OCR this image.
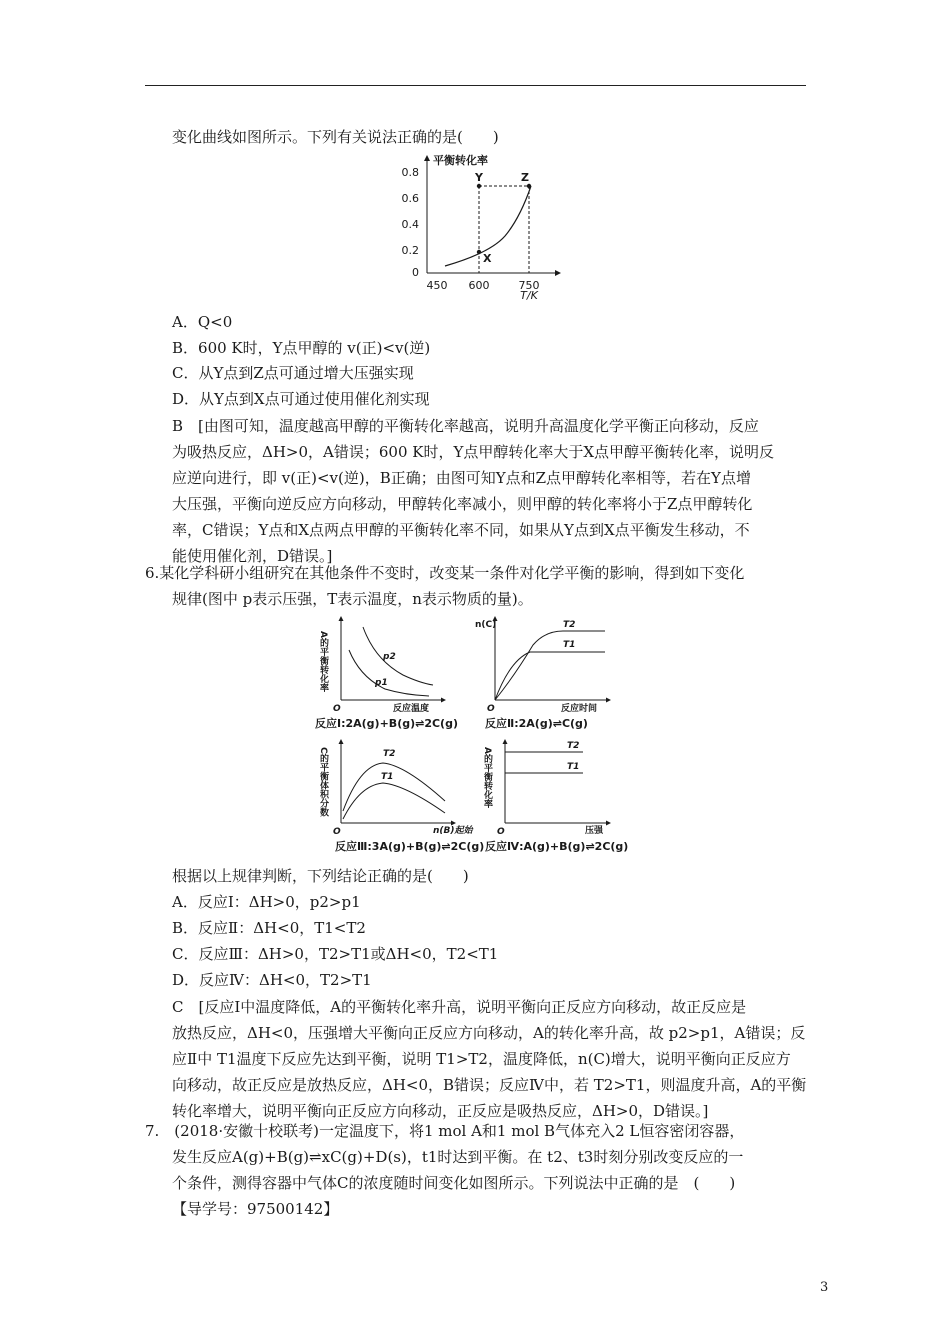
变化曲线如图所示。下列有关说法正确的是(　　)
平衡转化率
0.8
0.6
0.4
0.2
0
450 600	750
T/K
Y	Z
X
A．Q<0
B．600 K时，Y点甲醇的 v(正)<v(逆)
C．从Y点到Z点可通过增大压强实现
D．从Y点到X点可通过使用催化剂实现
B　[由图可知，温度越高甲醇的平衡转化率越高，说明升高温度化学平衡正向移动，反应
为吸热反应，ΔH>0，A错误；600 K时，Y点甲醇转化率大于X点甲醇平衡转化率，说明反
应逆向进行，即 v(正)<v(逆)，B正确；由图可知Y点和Z点甲醇转化率相等，若在Y点增
大压强，平衡向逆反应方向移动，甲醇转化率减小，则甲醇的转化率将小于Z点甲醇转化
率，C错误；Y点和X点两点甲醇的平衡转化率不同，如果从Y点到X点平衡发生移动，不
能使用催化剂，D错误。]
6.某化学科研小组研究在其他条件不变时，改变某一条件对化学平衡的影响，得到如下变化
规律(图中 p表示压强，T表示温度，n表示物质的量)。
A的平衡转化率
O	反应温度
p2
p1
反应Ⅰ:2A(g)+B(g)⇌2C(g)
n(C)
O	反应时间
T2
T1
反应Ⅱ:2A(g)⇌C(g)
C的平衡体积分数
O	n(B)起始
T2
T1
反应Ⅲ:3A(g)+B(g)⇌2C(g)
A的平衡转化率
O	压强
T2
T1
反应Ⅳ:A(g)+B(g)⇌2C(g)
根据以上规律判断，下列结论正确的是(　　)
A．反应Ⅰ：ΔH>0，p2>p1
B．反应Ⅱ：ΔH<0，T1<T2
C．反应Ⅲ：ΔH>0，T2>T1或ΔH<0，T2<T1
D．反应Ⅳ：ΔH<0，T2>T1
C　[反应Ⅰ中温度降低，A的平衡转化率升高，说明平衡向正反应方向移动，故正反应是
放热反应，ΔH<0，压强增大平衡向正反应方向移动，A的转化率升高，故 p2>p1，A错误；反
应Ⅱ中 T1温度下反应先达到平衡，说明 T1>T2，温度降低，n(C)增大，说明平衡向正反应方
向移动，故正反应是放热反应，ΔH<0，B错误；反应Ⅳ中，若 T2>T1，则温度升高，A的平衡
转化率增大，说明平衡向正反应方向移动，正反应是吸热反应，ΔH>0，D错误。]
7.　(2018·安徽十校联考)一定温度下，将1 mol A和1 mol B气体充入2 L恒容密闭容器，
发生反应A(g)+B(g)⇌xC(g)+D(s)，t1时达到平衡。在 t2、t3时刻分别改变反应的一
个条件，测得容器中气体C的浓度随时间变化如图所示。下列说法中正确的是　(　　)
【导学号：97500142】
3
